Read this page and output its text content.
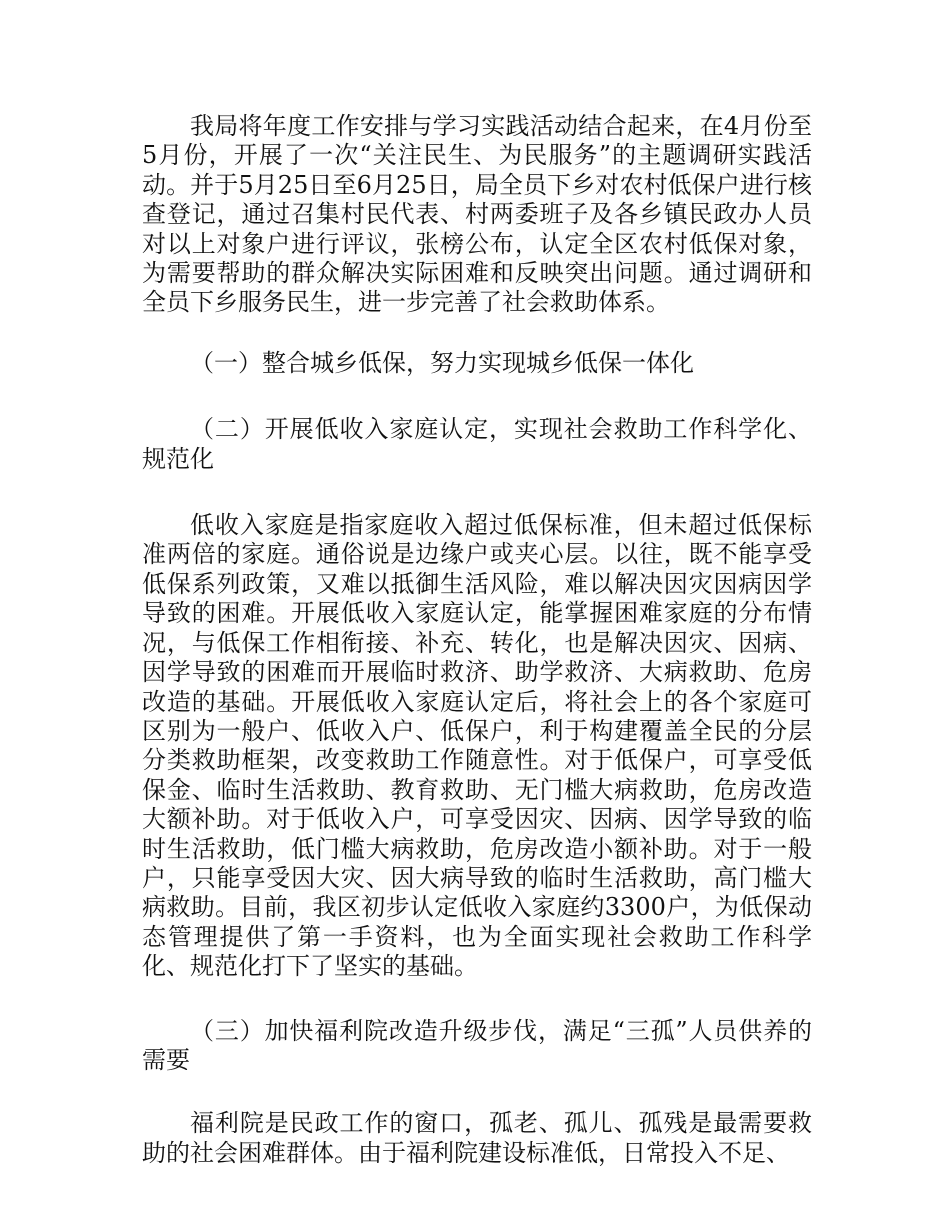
我局将年度工作安排与学习实践活动结合起来，在4月份至5月份，开展了一次“关注民生、为民服务”的主题调研实践活动。并于5月25日至6月25日，局全员下乡对农村低保户进行核查登记，通过召集村民代表、村两委班子及各乡镇民政办人员对以上对象户进行评议，张榜公布，认定全区农村低保对象，为需要帮助的群众解决实际困难和反映突出问题。通过调研和全员下乡服务民生，进一步完善了社会救助体系。

（一）整合城乡低保，努力实现城乡低保一体化

（二）开展低收入家庭认定，实现社会救助工作科学化、规范化

低收入家庭是指家庭收入超过低保标准，但未超过低保标准两倍的家庭。通俗说是边缘户或夹心层。以往，既不能享受低保系列政策，又难以抵御生活风险，难以解决因灾因病因学导致的困难。开展低收入家庭认定，能掌握困难家庭的分布情况，与低保工作相衔接、补充、转化，也是解决因灾、因病、因学导致的困难而开展临时救济、助学救济、大病救助、危房改造的基础。开展低收入家庭认定后，将社会上的各个家庭可区别为一般户、低收入户、低保户，利于构建覆盖全民的分层分类救助框架，改变救助工作随意性。对于低保户，可享受低保金、临时生活救助、教育救助、无门槛大病救助，危房改造大额补助。对于低收入户，可享受因灾、因病、因学导致的临时生活救助，低门槛大病救助，危房改造小额补助。对于一般户，只能享受因大灾、因大病导致的临时生活救助，高门槛大病救助。目前，我区初步认定低收入家庭约3300户，为低保动态管理提供了第一手资料，也为全面实现社会救助工作科学化、规范化打下了坚实的基础。

（三）加快福利院改造升级步伐，满足“三孤”人员供养的需要

福利院是民政工作的窗口，孤老、孤儿、孤残是最需要救助的社会困难群体。由于福利院建设标准低，日常投入不足、
